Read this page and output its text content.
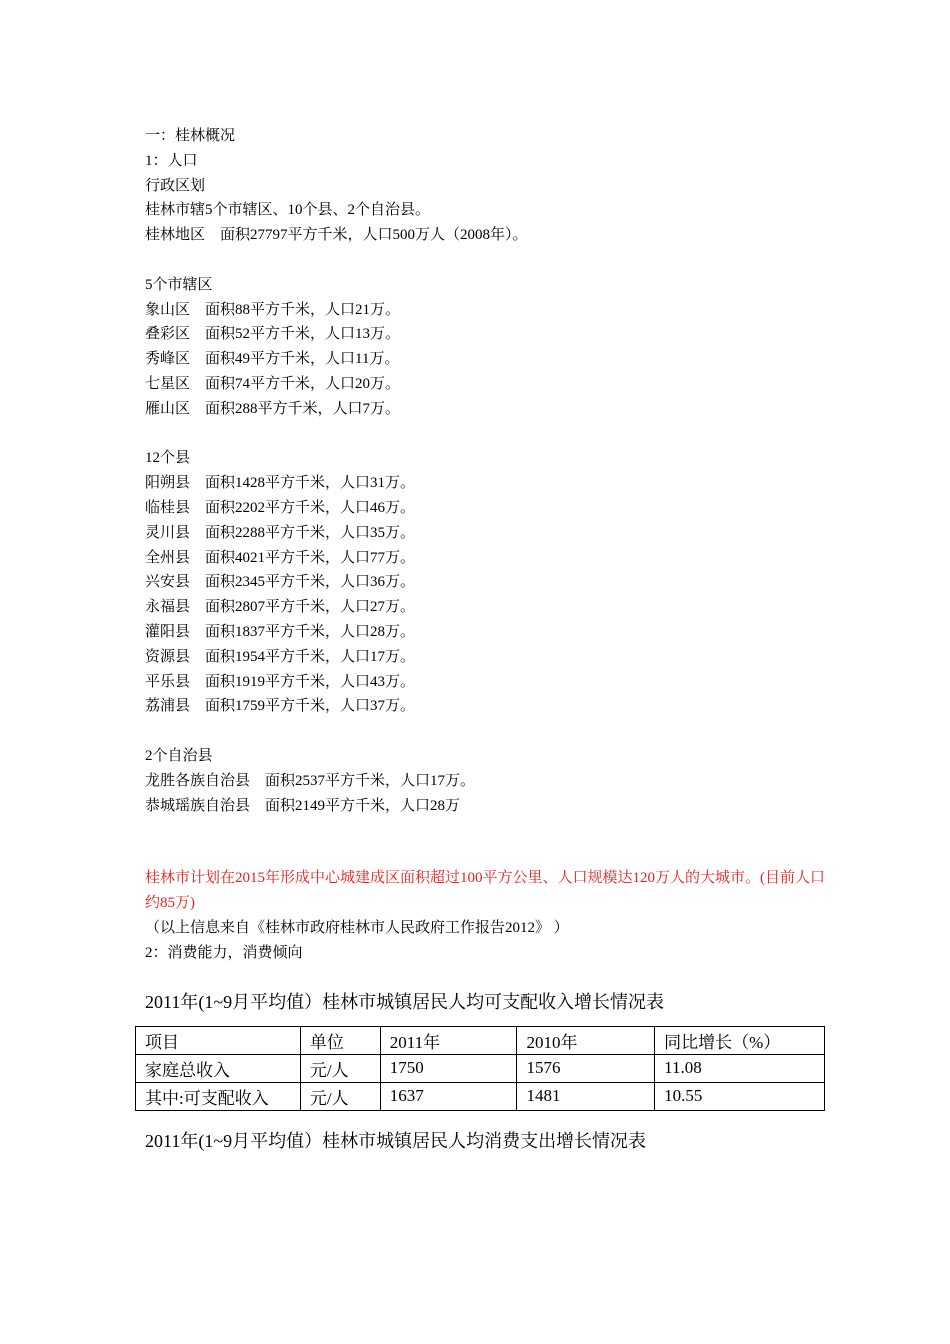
一：桂林概况
1：人口
行政区划
桂林市辖5个市辖区、10个县、2个自治县。
桂林地区　面积27797平方千米，人口500万人（2008年）。
5个市辖区
象山区　面积88平方千米，人口21万。
叠彩区　面积52平方千米，人口13万。
秀峰区　面积49平方千米，人口11万。
七星区　面积74平方千米，人口20万。
雁山区　面积288平方千米，人口7万。
12个县
阳朔县　面积1428平方千米，人口31万。
临桂县　面积2202平方千米，人口46万。
灵川县　面积2288平方千米，人口35万。
全州县　面积4021平方千米，人口77万。
兴安县　面积2345平方千米，人口36万。
永福县　面积2807平方千米，人口27万。
灌阳县　面积1837平方千米，人口28万。
资源县　面积1954平方千米，人口17万。
平乐县　面积1919平方千米，人口43万。
荔浦县　面积1759平方千米，人口37万。
2个自治县
龙胜各族自治县　面积2537平方千米，人口17万。
恭城瑶族自治县　面积2149平方千米，人口28万
桂林市计划在2015年形成中心城建成区面积超过100平方公里、人口规模达120万人的大城市。(目前人口约85万)
（以上信息来自《桂林市政府桂林市人民政府工作报告2012》 ）
2：消费能力，消费倾向
2011年(1~9月平均值）桂林市城镇居民人均可支配收入增长情况表
项目	单位	2011年	2010年	同比增长（%）
家庭总收入	元/人	1750	1576	11.08
其中:可支配收入	元/人	1637	1481	10.55
2011年(1~9月平均值）桂林市城镇居民人均消费支出增长情况表
